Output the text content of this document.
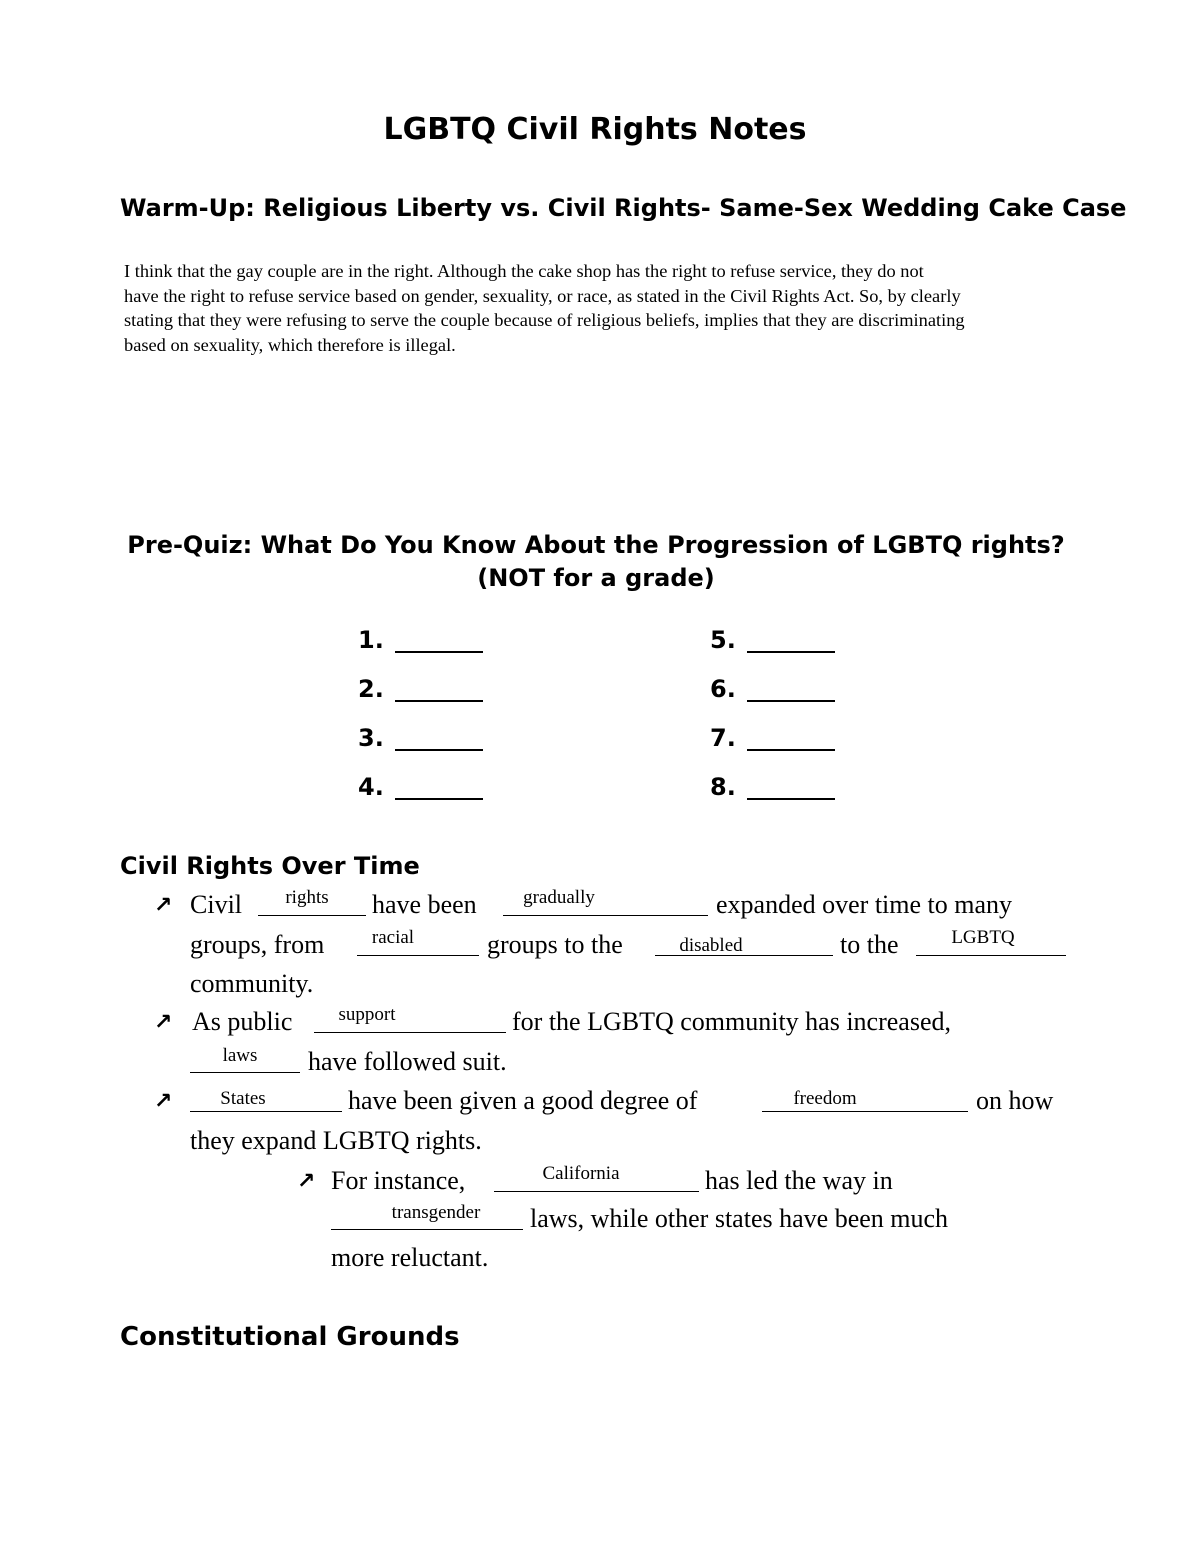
LGBTQ Civil Rights Notes
Warm-Up: Religious Liberty vs. Civil Rights- Same-Sex Wedding Cake Case
I think that the gay couple are in the right. Although the cake shop has the right to refuse service, they do not
have the right to refuse service based on gender, sexuality, or race, as stated in the Civil Rights Act. So, by clearly
stating that they were refusing to serve the couple because of religious beliefs, implies that they are discriminating
based on sexuality, which therefore is illegal.
Pre-Quiz: What Do You Know About the Progression of LGBTQ rights?
(NOT for a grade)
1.
2.
3.
4.
5.
6.
7.
8.
Civil Rights Over Time
↗ Civil	rights	have been	gradually	expanded over time to many
groups, from	racial	groups to the	disabled	to the	LGBTQ
community.
↗ As public	support	for the LGBTQ community has increased,
laws	have followed suit.
↗	States	have been given a good degree of	freedom	on how
they expand LGBTQ rights.
↗ For instance,	California	has led the way in
transgender	laws, while other states have been much
more reluctant.
Constitutional Grounds
